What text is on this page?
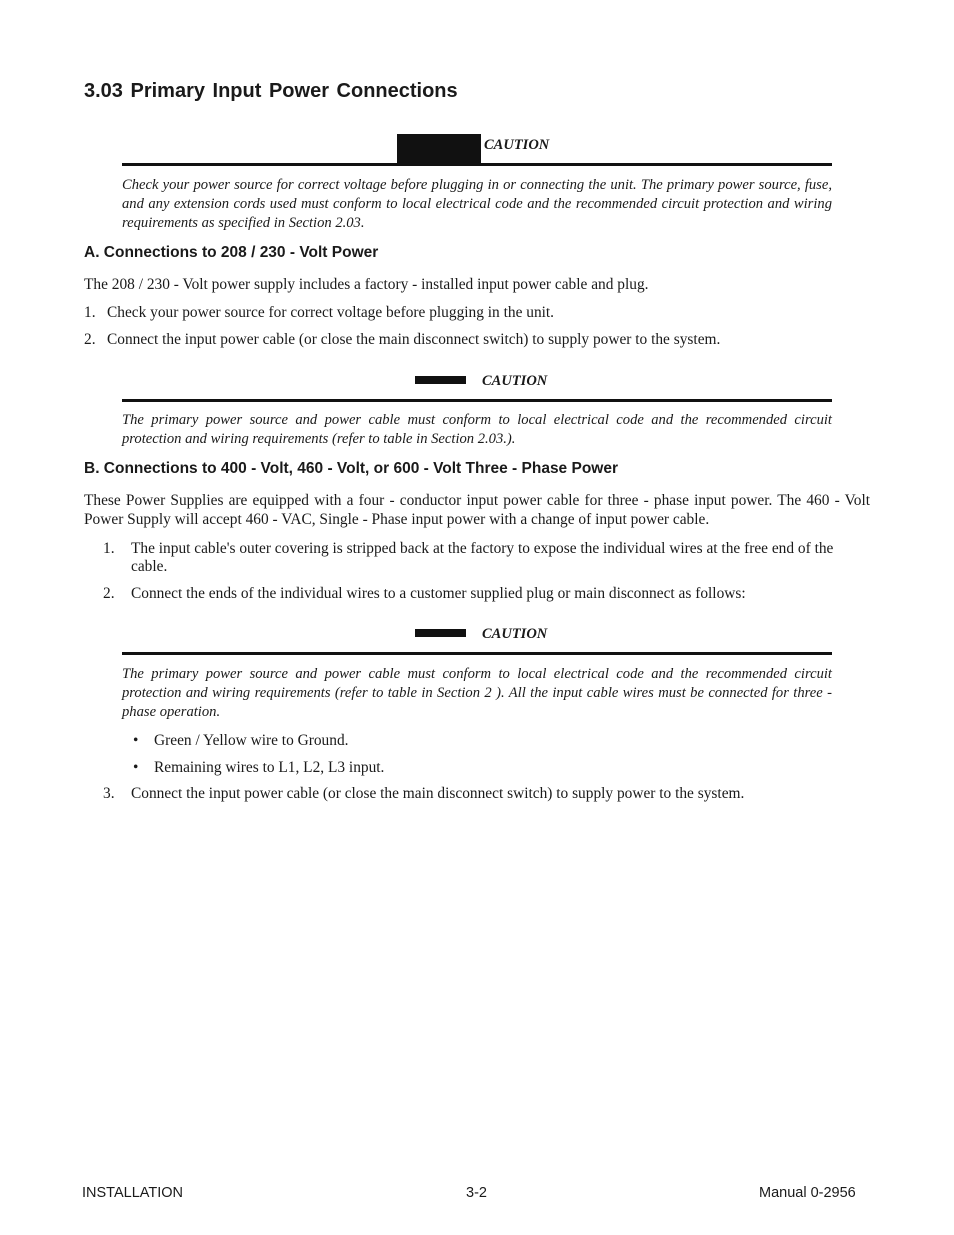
3.03 Primary Input Power Connections
CAUTION
Check your power source for correct voltage before plugging in or connecting the unit. The primary power source, fuse, and any extension cords used must conform to local electrical code and the recommended circuit protection and wiring requirements as specified in Section 2.03.
A. Connections to 208 / 230 - Volt Power
The 208 / 230 - Volt power supply includes a factory - installed input power cable and plug.
1. Check your power source for correct voltage before plugging in the unit.
2. Connect the input power cable (or close the main disconnect switch) to supply power to the system.
CAUTION
The primary power source and power cable must conform to local electrical code and the recommended circuit protection and wiring requirements (refer to table in Section 2.03.).
B. Connections to 400 - Volt, 460 - Volt, or 600 - Volt Three - Phase Power
These Power Supplies are equipped with a four - conductor input power cable for three - phase input power. The 460 - Volt Power Supply will accept 460 - VAC, Single - Phase input power with a change of input power cable.
1. The input cable's outer covering is stripped back at the factory to expose the individual wires at the free end of the cable.
2. Connect the ends of the individual wires to a customer supplied plug or main disconnect as follows:
CAUTION
The primary power source and power cable must conform to local electrical code and the recommended circuit protection and wiring requirements (refer to table in Section 2 ). All the input cable wires must be connected for three - phase operation.
• Green / Yellow wire to Ground.
• Remaining wires to L1, L2, L3 input.
3. Connect the input power cable (or close the main disconnect switch) to supply power to the system.
INSTALLATION	3-2	Manual 0-2956
